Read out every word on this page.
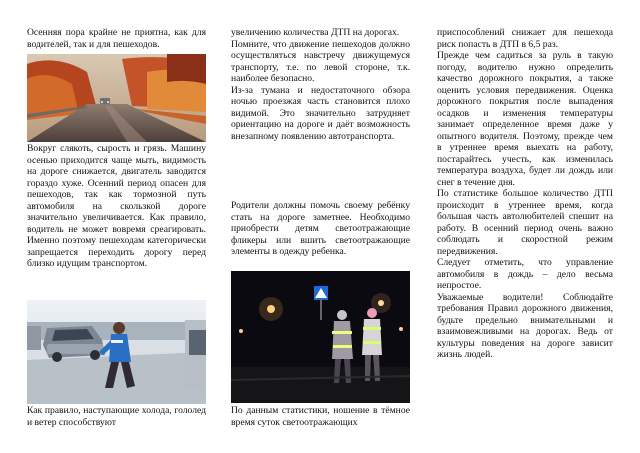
Осенняя пора крайне не приятна, как для водителей, так и для пешеходов.

Вокруг слякоть, сырость и грязь. Машину осенью приходится чаще мыть, видимость на дороге снижается, двигатель заводится гораздо хуже. Осенний период опасен для пешеходов, так как тормозной путь автомобиля на скользкой дороге значительно увеличивается. Как правило, водитель не может вовремя среагировать. Именно поэтому пешеходам категорически запрещается переходить дорогу перед близко идущим транспортом.

Как правило, наступающие холода, гололед и ветер способствуют

увеличению количества ДТП на дорогах.

Помните, что движение пешеходов должно осуществляться навстречу движущемуся транспорту, т.е. по левой стороне, т.к. наиболее безопасно.

Из-за тумана и недостаточного обзора ночью проезжая часть становится плохо видимой. Это значительно затрудняет ориентацию на дороге и даёт возможность внезапному появлению автотранспорта.

Родители должны помочь своему ребёнку стать на дороге заметнее. Необходимо приобрести детям светоотражающие фликеры или вшить светоотражающие элементы в одежду ребенка.

По данным статистики, ношение в тёмное время суток светоотражающих

приспособлений снижает для пешехода риск попасть в ДТП в 6,5 раз.

Прежде чем садиться за руль в такую погоду, водителю нужно определить качество дорожного покрытия, а также оценить условия передвижения. Оценка дорожного покрытия после выпадения осадков и изменения температуры занимает определенное время даже у опытного водителя. Поэтому, прежде чем в утреннее время выехать на работу, постарайтесь учесть, как изменилась температура воздуха, будет ли дождь или снег в течение дня.

По статистике большое количество ДТП происходит в утреннее время, когда большая часть автолюбителей спешит на работу. В осенний период очень важно соблюдать и скоростной режим передвижения.

Следует отметить, что управление автомобиля в дождь – дело весьма непростое.

Уважаемые водители! Соблюдайте требования Правил дорожного движения, будьте предельно внимательными и взаимовежливыми на дорогах. Ведь от культуры поведения на дороге зависит жизнь людей.
